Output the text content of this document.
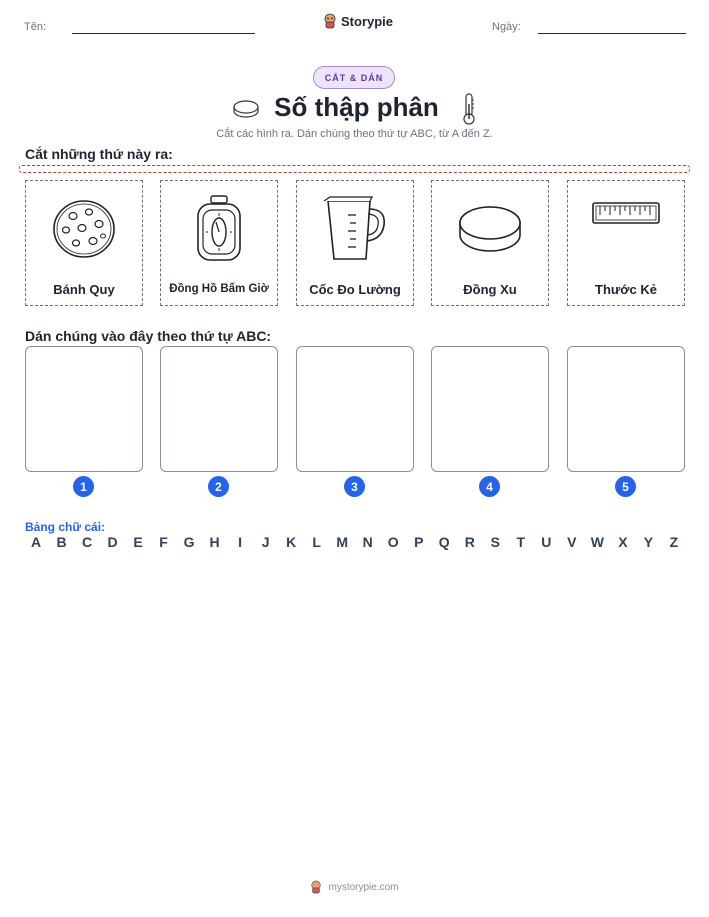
Tên:	Storypie	Ngày:
CẮT & DÁN
Số thập phân
Cắt các hình ra. Dán chúng theo thứ tự ABC, từ A đến Z.
Cắt những thứ này ra:
Bánh Quy	Đồng Hồ Bấm Giờ	Cốc Đo Lường	Đồng Xu	Thước Kẻ
Dán chúng vào đây theo thứ tự ABC:
1	2	3	4	5
Bảng chữ cái:
A	B	C	D	E	F	G	H	I	J	K	L	M	N	O	P	Q	R	S	T	U	V	W	X	Y	Z
mystorypie.com
